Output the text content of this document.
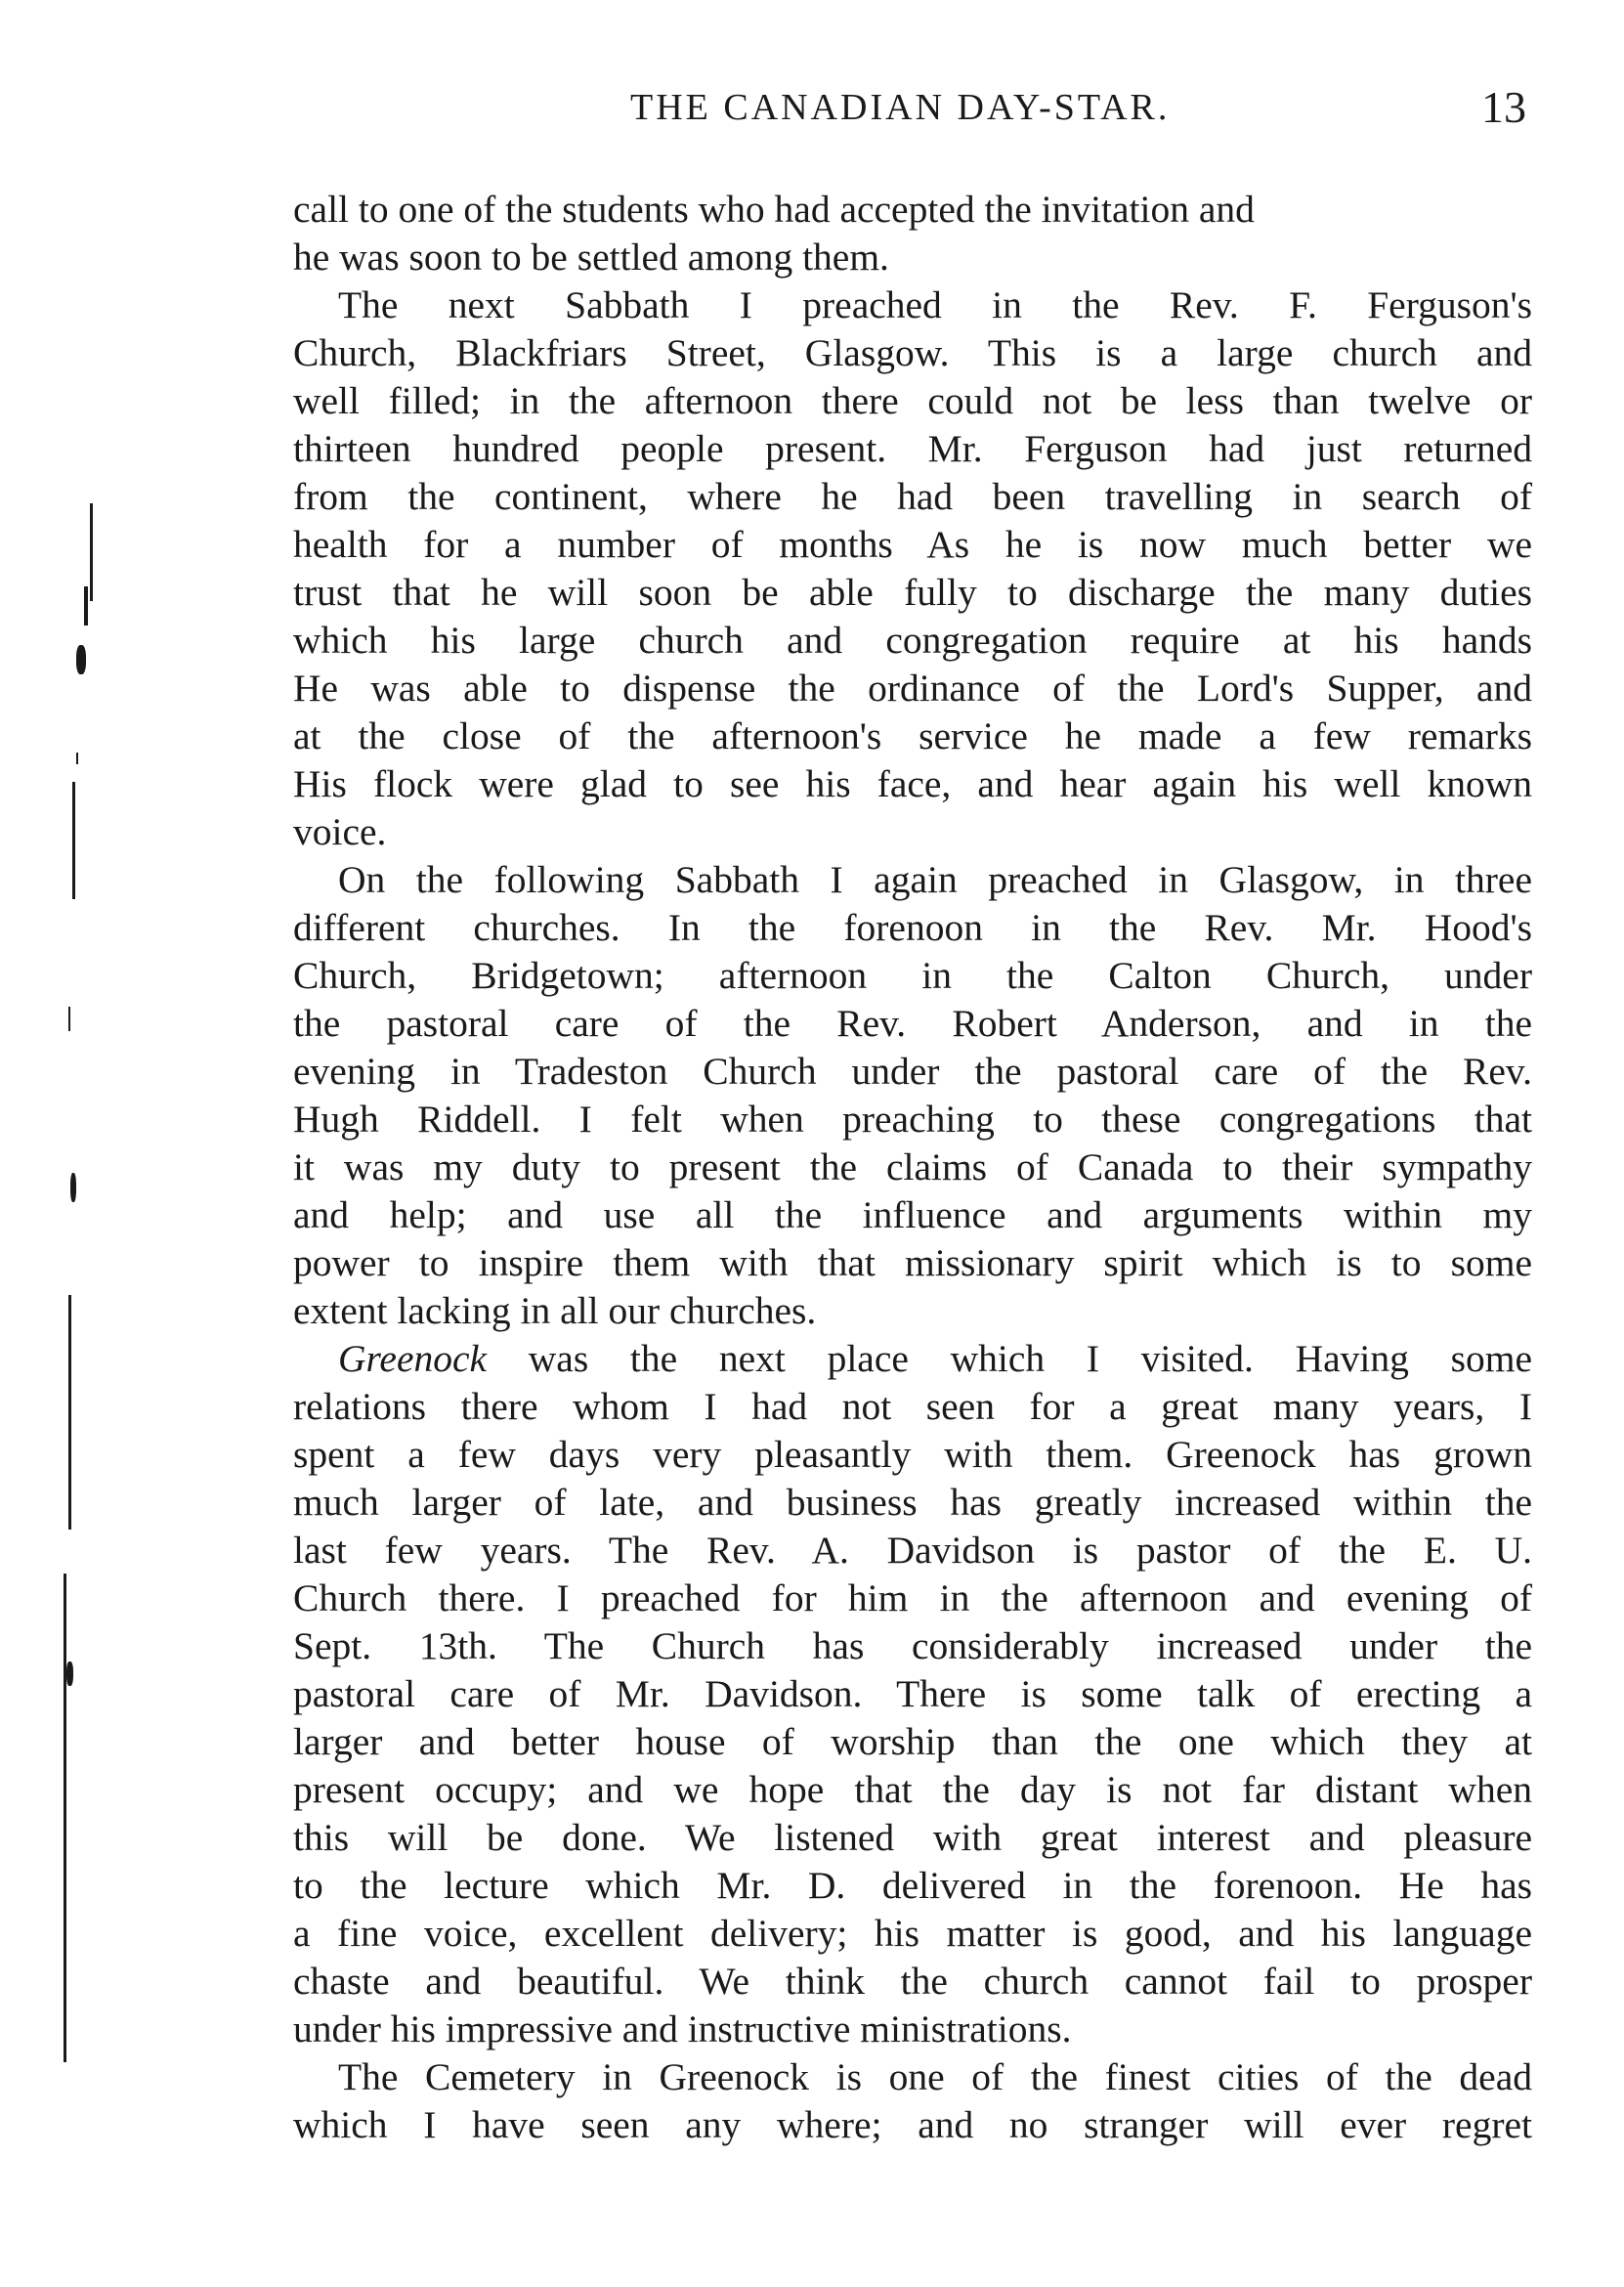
THE CANADIAN DAY-STAR.	13
call to one of the students who had accepted the invitation and
he was soon to be settled among them.
The next Sabbath I preached in the Rev. F. Ferguson's
Church, Blackfriars Street, Glasgow. This is a large church and
well filled; in the afternoon there could not be less than twelve or
thirteen hundred people present. Mr. Ferguson had just returned
from the continent, where he had been travelling in search of
health for a number of months As he is now much better we
trust that he will soon be able fully to discharge the many duties
which his large church and congregation require at his hands
He was able to dispense the ordinance of the Lord's Supper, and
at the close of the afternoon's service he made a few remarks
His flock were glad to see his face, and hear again his well known
voice.
On the following Sabbath I again preached in Glasgow, in three
different churches. In the forenoon in the Rev. Mr. Hood's
Church, Bridgetown; afternoon in the Calton Church, under
the pastoral care of the Rev. Robert Anderson, and in the
evening in Tradeston Church under the pastoral care of the Rev.
Hugh Riddell. I felt when preaching to these congregations that
it was my duty to present the claims of Canada to their sympathy
and help; and use all the influence and arguments within my
power to inspire them with that missionary spirit which is to some
extent lacking in all our churches.
Greenock was the next place which I visited. Having some
relations there whom I had not seen for a great many years, I
spent a few days very pleasantly with them. Greenock has grown
much larger of late, and business has greatly increased within the
last few years. The Rev. A. Davidson is pastor of the E. U.
Church there. I preached for him in the afternoon and evening of
Sept. 13th. The Church has considerably increased under the
pastoral care of Mr. Davidson. There is some talk of erecting a
larger and better house of worship than the one which they at
present occupy; and we hope that the day is not far distant when
this will be done. We listened with great interest and pleasure
to the lecture which Mr. D. delivered in the forenoon. He has
a fine voice, excellent delivery; his matter is good, and his language
chaste and beautiful. We think the church cannot fail to prosper
under his impressive and instructive ministrations.
The Cemetery in Greenock is one of the finest cities of the dead
which I have seen any where; and no stranger will ever regret
